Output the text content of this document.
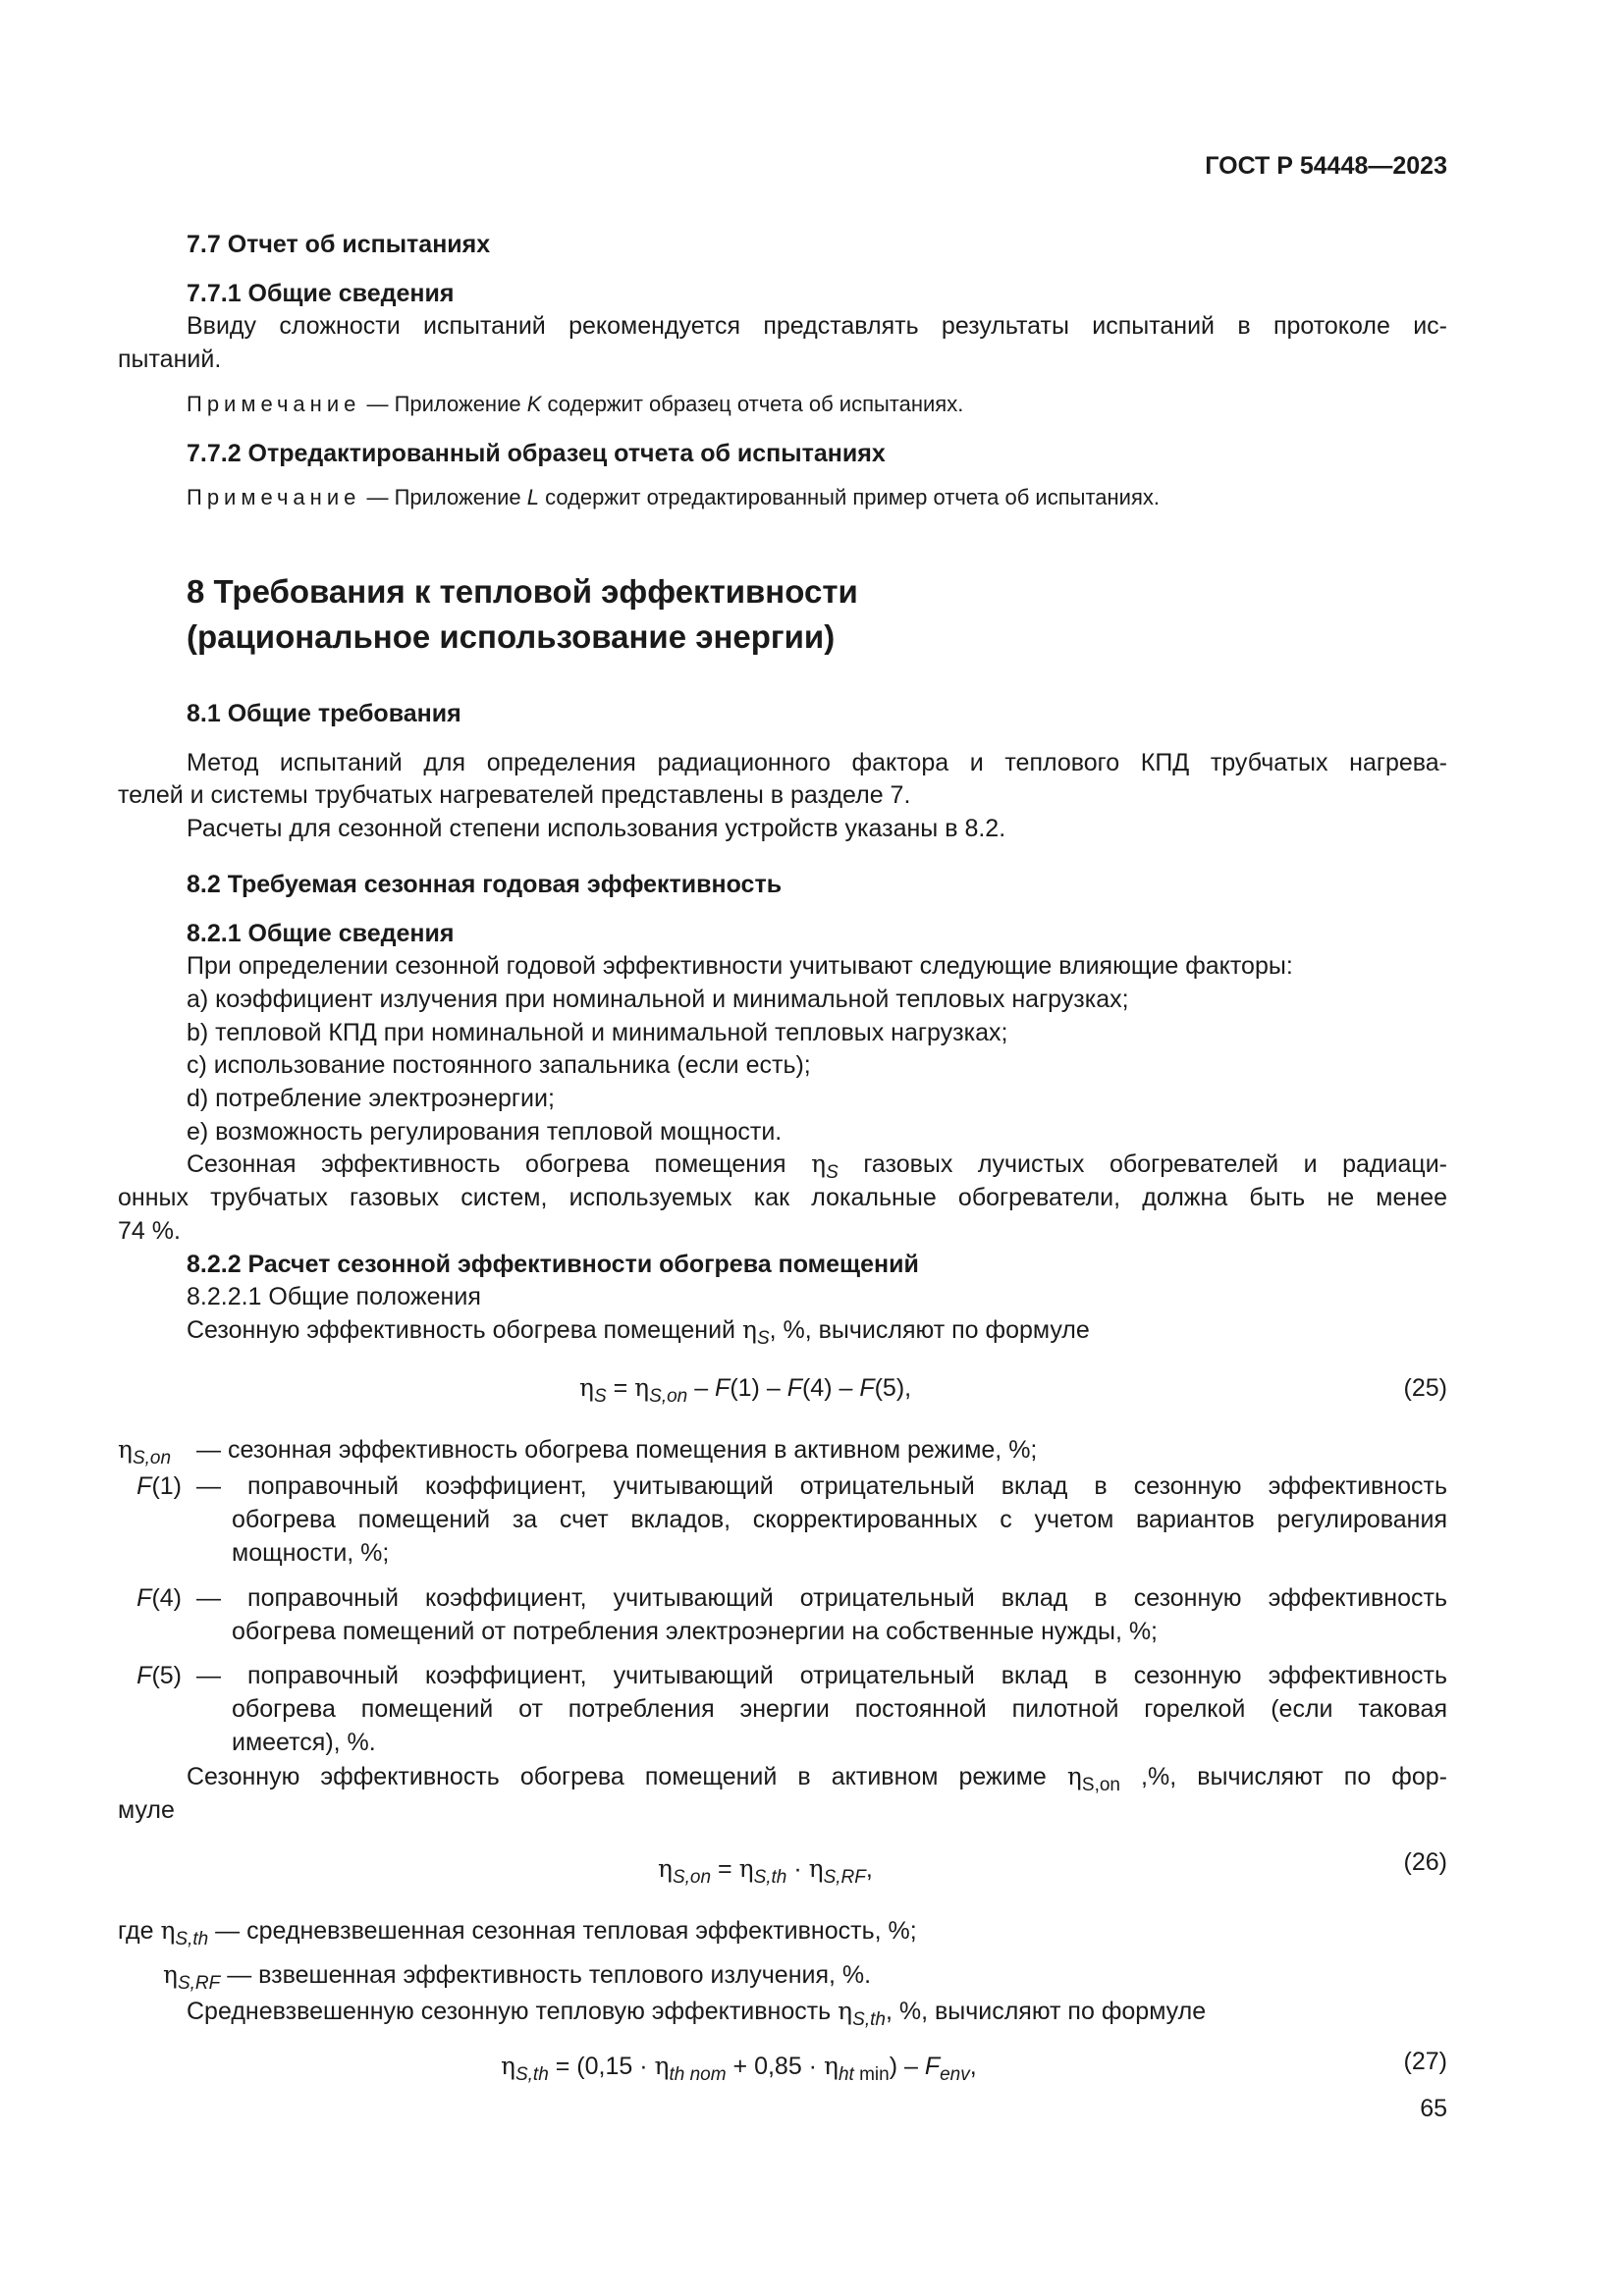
ГОСТ Р 54448—2023
7.7 Отчет об испытаниях
7.7.1 Общие сведения
Ввиду сложности испытаний рекомендуется представлять результаты испытаний в протоколе ис-
пытаний.
Примечание — Приложение K содержит образец отчета об испытаниях.
7.7.2 Отредактированный образец отчета об испытаниях
Примечание — Приложение L содержит отредактированный пример отчета об испытаниях.
8 Требования к тепловой эффективности
(рациональное использование энергии)
8.1 Общие требования
Метод испытаний для определения радиационного фактора и теплового КПД трубчатых нагрева-
телей и системы трубчатых нагревателей представлены в разделе 7.
Расчеты для сезонной степени использования устройств указаны в 8.2.
8.2 Требуемая сезонная годовая эффективность
8.2.1 Общие сведения
При определении сезонной годовой эффективности учитывают следующие влияющие факторы:
a) коэффициент излучения при номинальной и минимальной тепловых нагрузках;
b) тепловой КПД при номинальной и минимальной тепловых нагрузках;
c) использование постоянного запальника (если есть);
d) потребление электроэнергии;
e) возможность регулирования тепловой мощности.
Сезонная эффективность обогрева помещения $\eta_S$ газовых лучистых обогревателей и радиаци-
онных трубчатых газовых систем, используемых как локальные обогреватели, должна быть не менее
74 %.
8.2.2 Расчет сезонной эффективности обогрева помещений
8.2.2.1 Общие положения
Сезонную эффективность обогрева помещений $\eta_S$, %, вычисляют по формуле
$\eta_S = \eta_{S,on} - F(1) - F(4) - F(5)$,	(25)
$\eta_{S,on}$ — сезонная эффективность обогрева помещения в активном режиме, %;
F(1) — поправочный коэффициент, учитывающий отрицательный вклад в сезонную эффективность
обогрева помещений за счет вкладов, скорректированных с учетом вариантов регулирования
мощности, %;
F(4) — поправочный коэффициент, учитывающий отрицательный вклад в сезонную эффективность
обогрева помещений от потребления электроэнергии на собственные нужды, %;
F(5) — поправочный коэффициент, учитывающий отрицательный вклад в сезонную эффективность
обогрева помещений от потребления энергии постоянной пилотной горелкой (если таковая
имеется), %.
Сезонную эффективность обогрева помещений в активном режиме $\eta_{S,on}$ ,%, вычисляют по фор-
муле
$\eta_{S,on} = \eta_{S,th} \cdot \eta_{S,RF}$,	(26)
где $\eta_{S,th}$ — средневзвешенная сезонная тепловая эффективность, %;
$\eta_{S,RF}$ — взвешенная эффективность теплового излучения, %.
Средневзвешенную сезонную тепловую эффективность $\eta_{S,th}$, %, вычисляют по формуле
$\eta_{S,th} = (0,15 \cdot \eta_{th nom} + 0,85 \cdot \eta_{ht min}) - F_{env}$,	(27)
65
